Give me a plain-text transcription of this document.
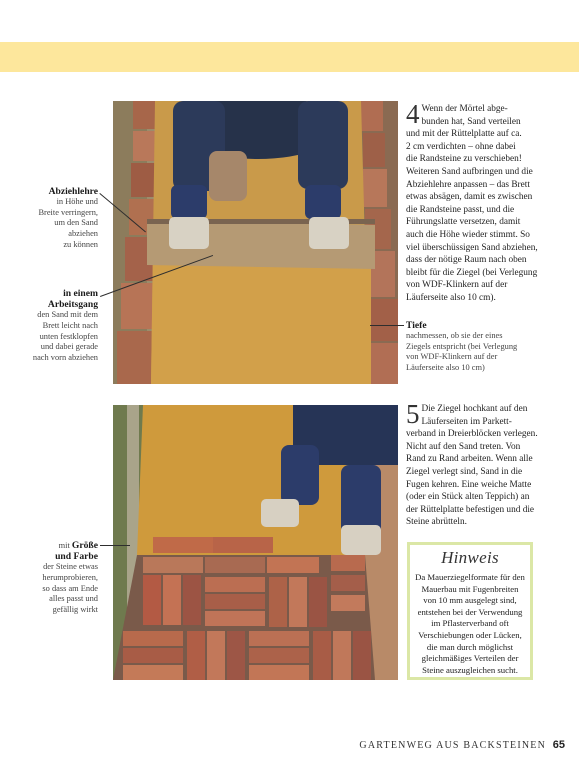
Abziehlehre
in Höhe und
Breite verringern,
um den Sand
abziehen
zu können
in einem
Arbeitsgang
den Sand mit dem
Brett leicht nach
unten festklopfen
und dabei gerade
nach vorn abziehen
mit Größe
und Farbe
der Steine etwas
herumprobieren,
so dass am Ende
alles passt und
gefällig wirkt
Tiefe
nachmessen, ob sie der eines
Ziegels entspricht (bei Verlegung
von WDF-Klinkern auf der
Läuferseite also 10 cm)
4 Wenn der Mörtel abge-
bunden hat, Sand verteilen
und mit der Rüttelplatte auf ca.
2 cm verdichten – ohne dabei
die Randsteine zu verschieben!
Weiteren Sand aufbringen und die
Abziehlehre anpassen – das Brett
etwas absägen, damit es zwischen
die Randsteine passt, und die
Führungslatte versetzen, damit
auch die Höhe wieder stimmt. So
viel überschüssigen Sand abziehen,
dass der nötige Raum nach oben
bleibt für die Ziegel (bei Verlegung
von WDF-Klinkern auf der
Läuferseite also 10 cm).
5 Die Ziegel hochkant auf den
Läuferseiten im Parkett-
verband in Dreierblöcken verlegen.
Nicht auf den Sand treten. Von
Rand zu Rand arbeiten. Wenn alle
Ziegel verlegt sind, Sand in die
Fugen kehren. Eine weiche Matte
(oder ein Stück alten Teppich) an
der Rüttelplatte befestigen und die
Steine abrütteln.
Hinweis
Da Mauerziegelformate für den
Mauerbau mit Fugenbreiten
von 10 mm ausgelegt sind,
entstehen bei der Verwendung
im Pflasterverband oft
Verschiebungen oder Lücken,
die man durch möglichst
gleichmäßiges Verteilen der
Steine auszugleichen sucht.
GARTENWEG AUS BACKSTEINEN 65
